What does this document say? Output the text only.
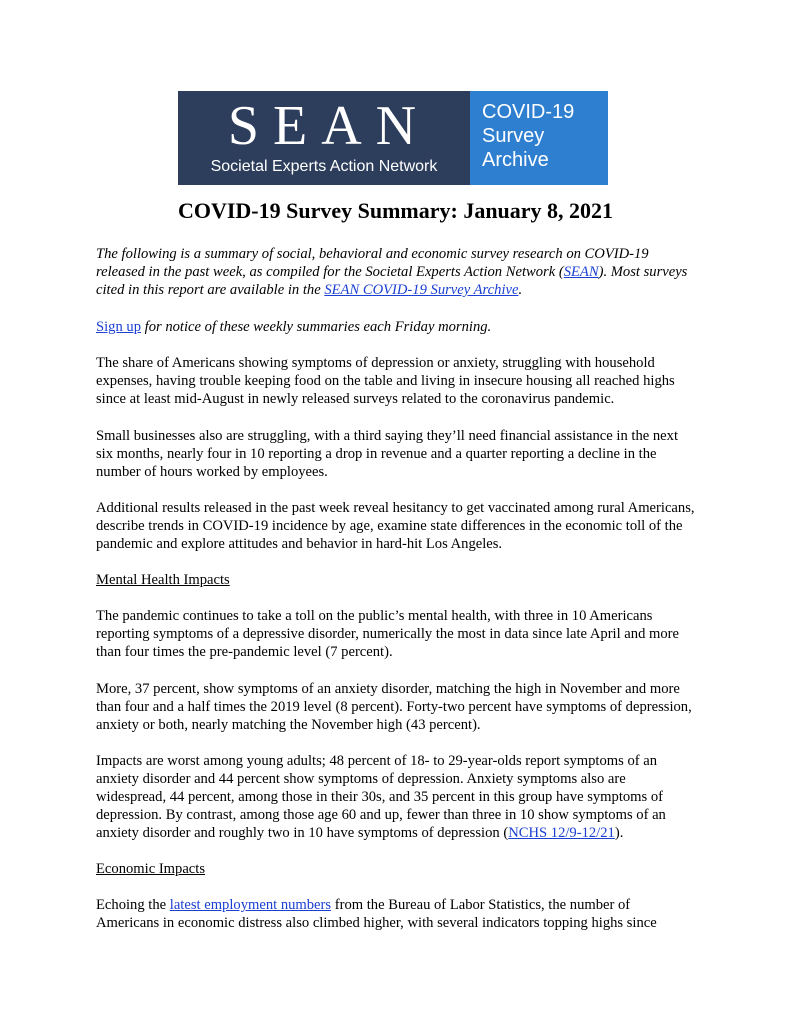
SEAN
Societal Experts Action Network
COVID-19
Survey
Archive
COVID-19 Survey Summary: January 8, 2021

The following is a summary of social, behavioral and economic survey research on COVID-19 released in the past week, as compiled for the Societal Experts Action Network (SEAN). Most surveys cited in this report are available in the SEAN COVID-19 Survey Archive.

Sign up for notice of these weekly summaries each Friday morning.

The share of Americans showing symptoms of depression or anxiety, struggling with household expenses, having trouble keeping food on the table and living in insecure housing all reached highs since at least mid-August in newly released surveys related to the coronavirus pandemic.

Small businesses also are struggling, with a third saying they’ll need financial assistance in the next six months, nearly four in 10 reporting a drop in revenue and a quarter reporting a decline in the number of hours worked by employees.

Additional results released in the past week reveal hesitancy to get vaccinated among rural Americans, describe trends in COVID-19 incidence by age, examine state differences in the economic toll of the pandemic and explore attitudes and behavior in hard-hit Los Angeles.

Mental Health Impacts

The pandemic continues to take a toll on the public’s mental health, with three in 10 Americans reporting symptoms of a depressive disorder, numerically the most in data since late April and more than four times the pre-pandemic level (7 percent).

More, 37 percent, show symptoms of an anxiety disorder, matching the high in November and more than four and a half times the 2019 level (8 percent). Forty-two percent have symptoms of depression, anxiety or both, nearly matching the November high (43 percent).

Impacts are worst among young adults; 48 percent of 18- to 29-year-olds report symptoms of an anxiety disorder and 44 percent show symptoms of depression. Anxiety symptoms also are widespread, 44 percent, among those in their 30s, and 35 percent in this group have symptoms of depression. By contrast, among those age 60 and up, fewer than three in 10 show symptoms of an anxiety disorder and roughly two in 10 have symptoms of depression (NCHS 12/9-12/21).

Economic Impacts

Echoing the latest employment numbers from the Bureau of Labor Statistics, the number of Americans in economic distress also climbed higher, with several indicators topping highs since
